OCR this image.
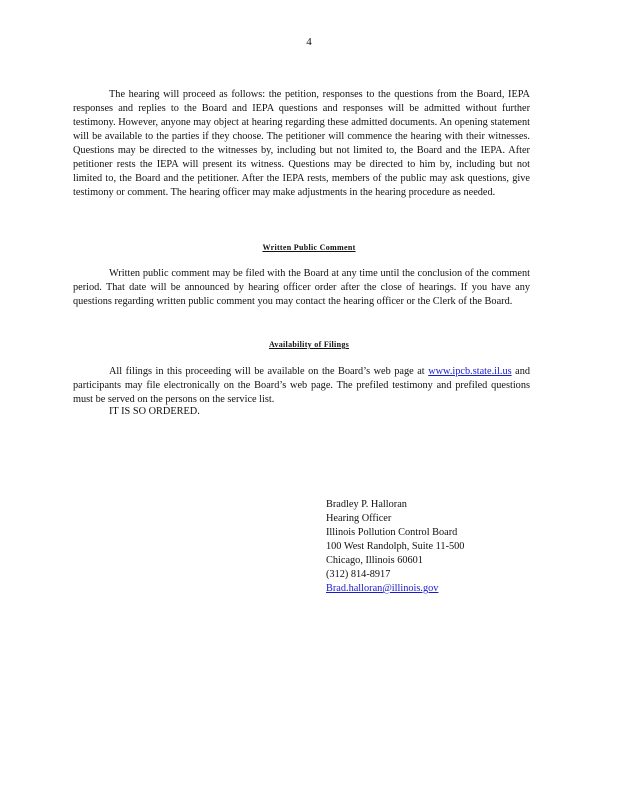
4

The hearing will proceed as follows: the petition, responses to the questions from the Board, IEPA responses and replies to the Board and IEPA questions and responses will be admitted without further testimony. However, anyone may object at hearing regarding these admitted documents. An opening statement will be available to the parties if they choose. The petitioner will commence the hearing with their witnesses. Questions may be directed to the witnesses by, including but not limited to, the Board and the IEPA. After petitioner rests the IEPA will present its witness. Questions may be directed to him by, including but not limited to, the Board and the petitioner. After the IEPA rests, members of the public may ask questions, give testimony or comment. The hearing officer may make adjustments in the hearing procedure as needed.

Written Public Comment

Written public comment may be filed with the Board at any time until the conclusion of the comment period. That date will be announced by hearing officer order after the close of hearings. If you have any questions regarding written public comment you may contact the hearing officer or the Clerk of the Board.

Availability of Filings

All filings in this proceeding will be available on the Board’s web page at www.ipcb.state.il.us and participants may file electronically on the Board’s web page. The prefiled testimony and prefiled questions must be served on the persons on the service list.

IT IS SO ORDERED.
Bradley P. Halloran
Hearing Officer
Illinois Pollution Control Board
100 West Randolph, Suite 11-500
Chicago, Illinois 60601
(312) 814-8917
Brad.halloran@illinois.gov
